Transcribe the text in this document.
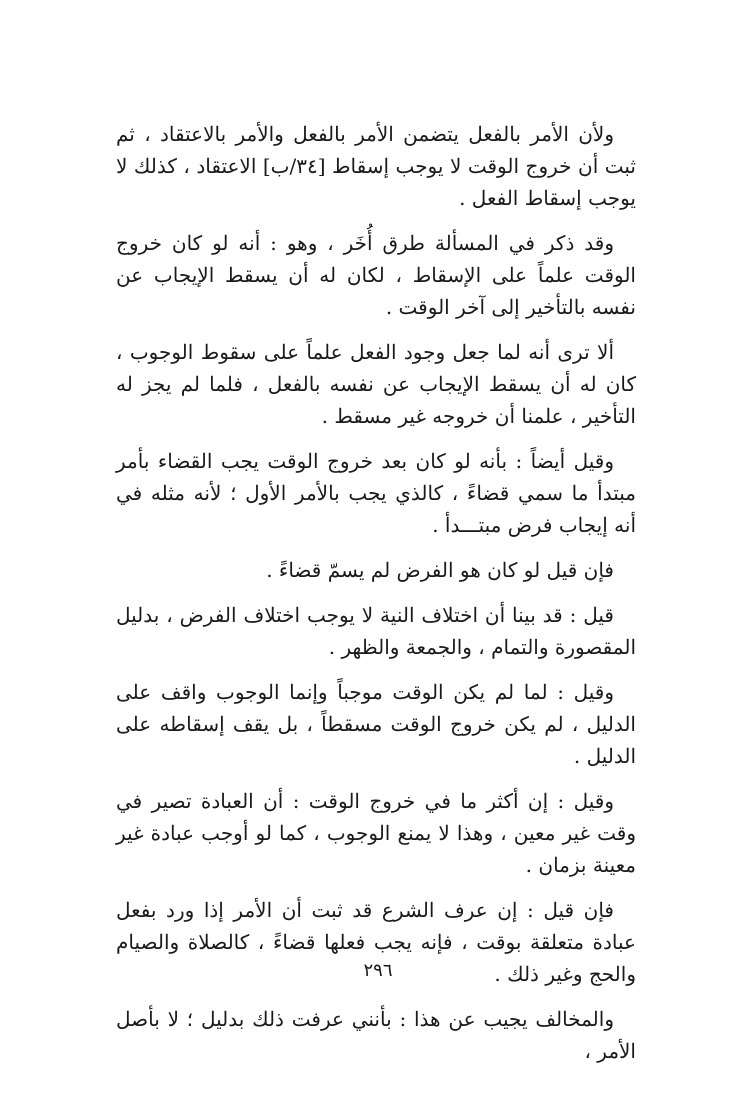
ولأن الأمر بالفعل يتضمن الأمر بالفعل والأمر بالاعتقاد ، ثم ثبت أن خروج الوقت لا يوجب إسقاط [٣٤/ب] الاعتقاد ، كذلك لا يوجب إسقاط الفعل .

وقد ذكر في المسألة طرق أُخَر ، وهو : أنه لو كان خروج الوقت علماً على الإسقاط ، لكان له أن يسقط الإيجاب عن نفسه بالتأخير إلى آخر الوقت .

ألا ترى أنه لما جعل وجود الفعل علماً على سقوط الوجوب ، كان له أن يسقط الإيجاب عن نفسه بالفعل ، فلما لم يجز له التأخير ، علمنا أن خروجه غير مسقط .

وقيل أيضاً : بأنه لو كان بعد خروج الوقت يجب القضاء بأمر مبتدأ ما سمي قضاءً ، كالذي يجب بالأمر الأول ؛ لأنه مثله في أنه إيجاب فرض مبتـــدأ .

فإن قيل لو كان هو الفرض لم يسمّ قضاءً .

قيل : قد بينا أن اختلاف النية لا يوجب اختلاف الفرض ، بدليل المقصورة والتمام ، والجمعة والظهر .

وقيل : لما لم يكن الوقت موجباً وإنما الوجوب واقف على الدليل ، لم يكن خروج الوقت مسقطاً ، بل يقف إسقاطه على الدليل .

وقيل : إن أكثر ما في خروج الوقت : أن العبادة تصير في وقت غير معين ، وهذا لا يمنع الوجوب ، كما لو أوجب عبادة غير معينة بزمان .

فإن قيل : إن عرف الشرع قد ثبت أن الأمر إذا ورد بفعل عبادة متعلقة بوقت ، فإنه يجب فعلها قضاءً ، كالصلاة والصيام والحج وغير ذلك .

والمخالف يجيب عن هذا : بأنني عرفت ذلك بدليل ؛ لا بأصل الأمر ،

٢٩٦
